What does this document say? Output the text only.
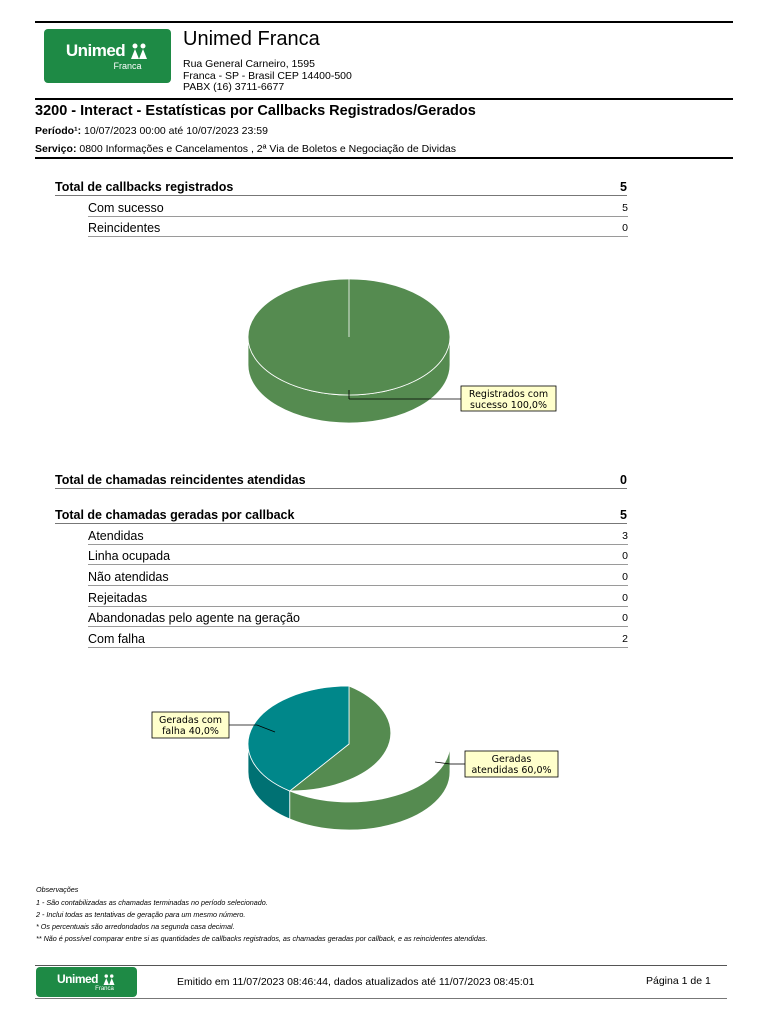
Unimed
Franca
Unimed Franca
Rua General Carneiro, 1595
Franca - SP - Brasil CEP 14400-500
PABX (16) 3711-6677
3200 - Interact - Estatísticas por Callbacks Registrados/Gerados
Período¹: 10/07/2023 00:00 até 10/07/2023 23:59
Serviço: 0800 Informações e Cancelamentos , 2ª Via de Boletos e Negociação de Dividas
Total de callbacks registrados	5
Com sucesso	5
Reincidentes	0
Registrados com
sucesso 100,0%
Total de chamadas reincidentes atendidas	0
Total de chamadas geradas por callback	5
Atendidas	3
Linha ocupada	0
Não atendidas	0
Rejeitadas	0
Abandonadas pelo agente na geração	0
Com falha	2
Geradas com
falha 40,0%
Geradas
atendidas 60,0%
Observações
1 - São contabilizadas as chamadas terminadas no período selecionado.
2 - Inclui todas as tentativas de geração para um mesmo número.
* Os percentuais são arredondados na segunda casa decimal.
** Não é possível comparar entre si as quantidades de callbacks registrados, as chamadas geradas por callback, e as reincidentes atendidas.
Unimed
Franca
Emitido em 11/07/2023 08:46:44, dados atualizados até 11/07/2023 08:45:01	Página 1 de 1
